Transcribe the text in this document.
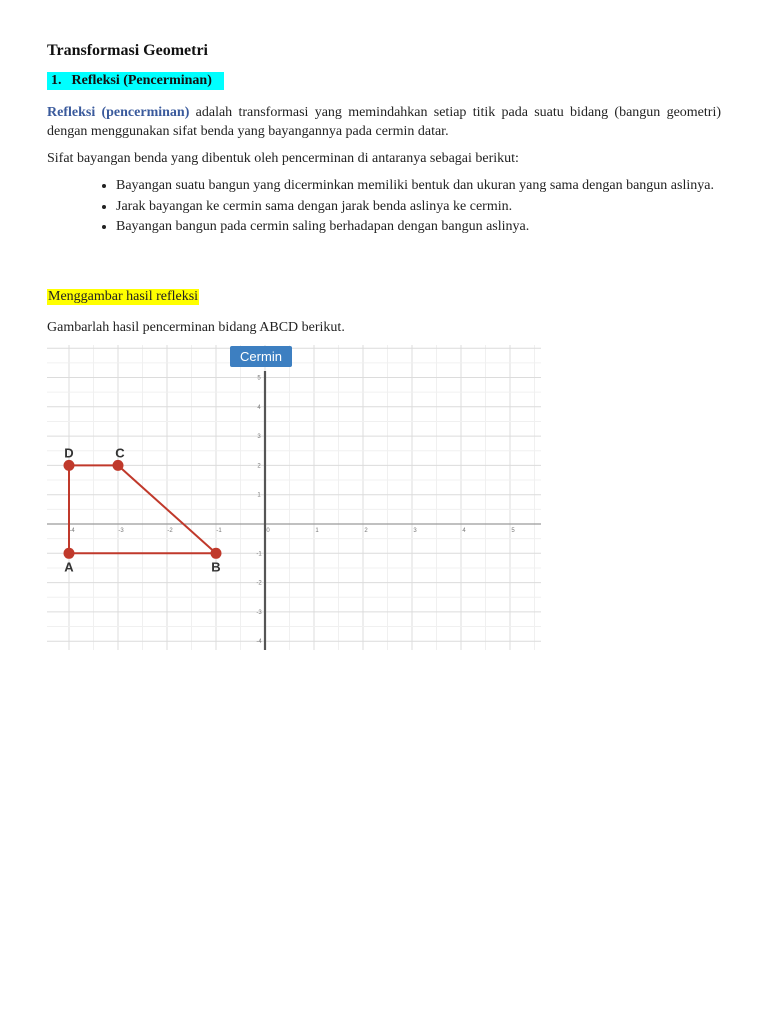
Transformasi Geometri
1. Refleksi (Pencerminan)

Refleksi (pencerminan) adalah transformasi yang memindahkan setiap titik pada suatu bidang (bangun geometri) dengan menggunakan sifat benda yang bayangannya pada cermin datar.

Sifat bayangan benda yang dibentuk oleh pencerminan di antaranya sebagai berikut:

• Bayangan suatu bangun yang dicerminkan memiliki bentuk dan ukuran yang sama dengan bangun aslinya.
• Jarak bayangan ke cermin sama dengan jarak benda aslinya ke cermin.
• Bayangan bangun pada cermin saling berhadapan dengan bangun aslinya.
Menggambar hasil refleksi

Gambarlah hasil pencerminan bidang ABCD berikut.

-4	-3	-2	-1	0	1	2	3	4	5
5
4
3
2
1
-1
-2
-3
-4
Cermin
A	B
C
D
